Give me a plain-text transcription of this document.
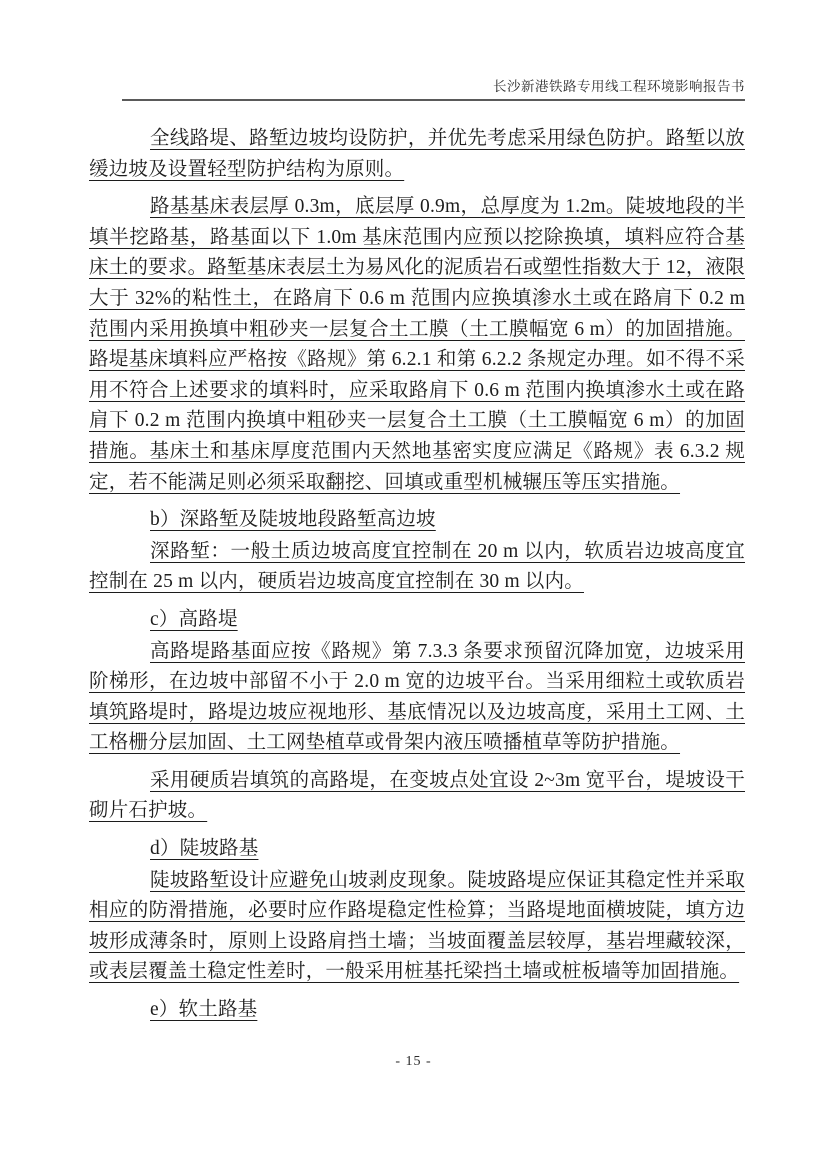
长沙新港铁路专用线工程环境影响报告书

全线路堤、路堑边坡均设防护，并优先考虑采用绿色防护。路堑以放缓边坡及设置轻型防护结构为原则。

路基基床表层厚 0.3m，底层厚 0.9m，总厚度为 1.2m。陡坡地段的半填半挖路基，路基面以下 1.0m 基床范围内应预以挖除换填，填料应符合基床土的要求。路堑基床表层土为易风化的泥质岩石或塑性指数大于 12，液限大于 32%的粘性土，在路肩下 0.6 m 范围内应换填渗水土或在路肩下 0.2 m 范围内采用换填中粗砂夹一层复合土工膜（土工膜幅宽 6 m）的加固措施。路堤基床填料应严格按《路规》第 6.2.1 和第 6.2.2 条规定办理。如不得不采用不符合上述要求的填料时，应采取路肩下 0.6 m 范围内换填渗水土或在路肩下 0.2 m 范围内换填中粗砂夹一层复合土工膜（土工膜幅宽 6 m）的加固措施。基床土和基床厚度范围内天然地基密实度应满足《路规》表 6.3.2 规定，若不能满足则必须采取翻挖、回填或重型机械辗压等压实措施。

b）深路堑及陡坡地段路堑高边坡

深路堑：一般土质边坡高度宜控制在 20 m 以内，软质岩边坡高度宜控制在 25 m 以内，硬质岩边坡高度宜控制在 30 m 以内。

c）高路堤

高路堤路基面应按《路规》第 7.3.3 条要求预留沉降加宽，边坡采用阶梯形，在边坡中部留不小于 2.0 m 宽的边坡平台。当采用细粒土或软质岩填筑路堤时，路堤边坡应视地形、基底情况以及边坡高度，采用土工网、土工格栅分层加固、土工网垫植草或骨架内液压喷播植草等防护措施。

采用硬质岩填筑的高路堤，在变坡点处宜设 2~3m 宽平台，堤坡设干砌片石护坡。

d）陡坡路基

陡坡路堑设计应避免山坡剥皮现象。陡坡路堤应保证其稳定性并采取相应的防滑措施，必要时应作路堤稳定性检算；当路堤地面横坡陡，填方边坡形成薄条时，原则上设路肩挡土墙；当坡面覆盖层较厚，基岩埋藏较深，或表层覆盖土稳定性差时，一般采用桩基托梁挡土墙或桩板墙等加固措施。

e）软土路基

- 15 -
